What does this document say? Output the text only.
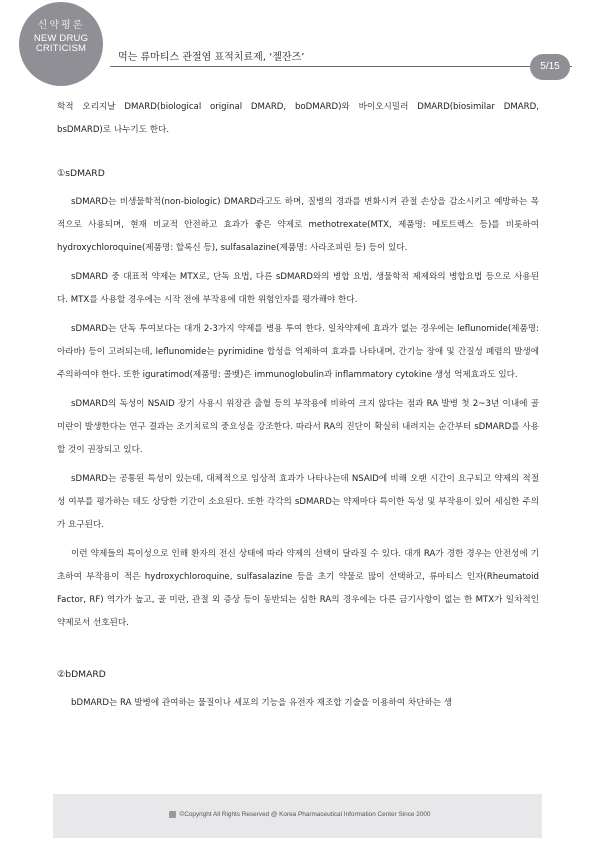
신약평론
NEW DRUG
CRITICISM
먹는 류마티스 관절염 표적치료제, ‘젤잔즈’
5/15

학적 오리지날 DMARD(biological original DMARD, boDMARD)와 바이오시밀러 DMARD(biosimilar DMARD, bsDMARD)로 나누기도 한다.

①sDMARD

sDMARD는 비생물학적(non-biologic) DMARD라고도 하며, 질병의 경과를 변화시켜 관절 손상을 감소시키고 예방하는 목적으로 사용되며, 현재 비교적 안전하고 효과가 좋은 약제로 methotrexate(MTX, 제품명: 메토트렉스 등)를 비롯하여 hydroxychloroquine(제품명: 할록신 등), sulfasalazine(제품명: 사라조피린 등) 등이 있다.

sDMARD 중 대표적 약제는 MTX로, 단독 요법, 다른 sDMARD와의 병합 요법, 생물학적 제제와의 병합요법 등으로 사용된다. MTX를 사용할 경우에는 시작 전에 부작용에 대한 위험인자를 평가해야 한다.

sDMARD는 단독 투여보다는 대개 2-3가지 약제를 병용 투여 한다. 일차약제에 효과가 없는 경우에는 leflunomide(제품명: 아라바) 등이 고려되는데, leflunomide는 pyrimidine 합성을 억제하여 효과를 나타내며, 간기능 장애 및 간질성 폐렴의 발생에 주의하여야 한다. 또한 iguratimod(제품명: 콜벳)은 immunoglobulin과 inflammatory cytokine 생성 억제효과도 있다.

sDMARD의 독성이 NSAID 장기 사용시 위장관 출혈 등의 부작용에 비하여 크지 않다는 점과 RA 발병 첫 2~3년 이내에 골 미란이 발생한다는 연구 결과는 조기치료의 중요성을 강조한다. 따라서 RA의 진단이 확실히 내려지는 순간부터 sDMARD를 사용할 것이 권장되고 있다.

sDMARD는 공통된 특성이 있는데, 대체적으로 임상적 효과가 나타나는데 NSAID에 비해 오랜 시간이 요구되고 약제의 적절성 여부를 평가하는 데도 상당한 기간이 소요된다. 또한 각각의 sDMARD는 약제마다 특이한 독성 및 부작용이 있어 세심한 주의가 요구된다.

이런 약제들의 특이성으로 인해 환자의 전신 상태에 따라 약제의 선택이 달라질 수 있다. 대개 RA가 경한 경우는 안전성에 기초하여 부작용이 적은 hydroxychloroquine, sulfasalazine 등을 초기 약물로 많이 선택하고, 류마티스 인자(Rheumatoid Factor, RF) 역가가 높고, 골 미란, 관절 외 증상 등이 동반되는 심한 RA의 경우에는 다른 금기사항이 없는 한 MTX가 일차적인 약제로서 선호된다.

②bDMARD

bDMARD는 RA 발병에 관여하는 물질이나 세포의 기능을 유전자 재조합 기술을 이용하여 차단하는 생

©Copyright All Rights Reserved @ Korea Pharmaceutical Information Center Since 2000
